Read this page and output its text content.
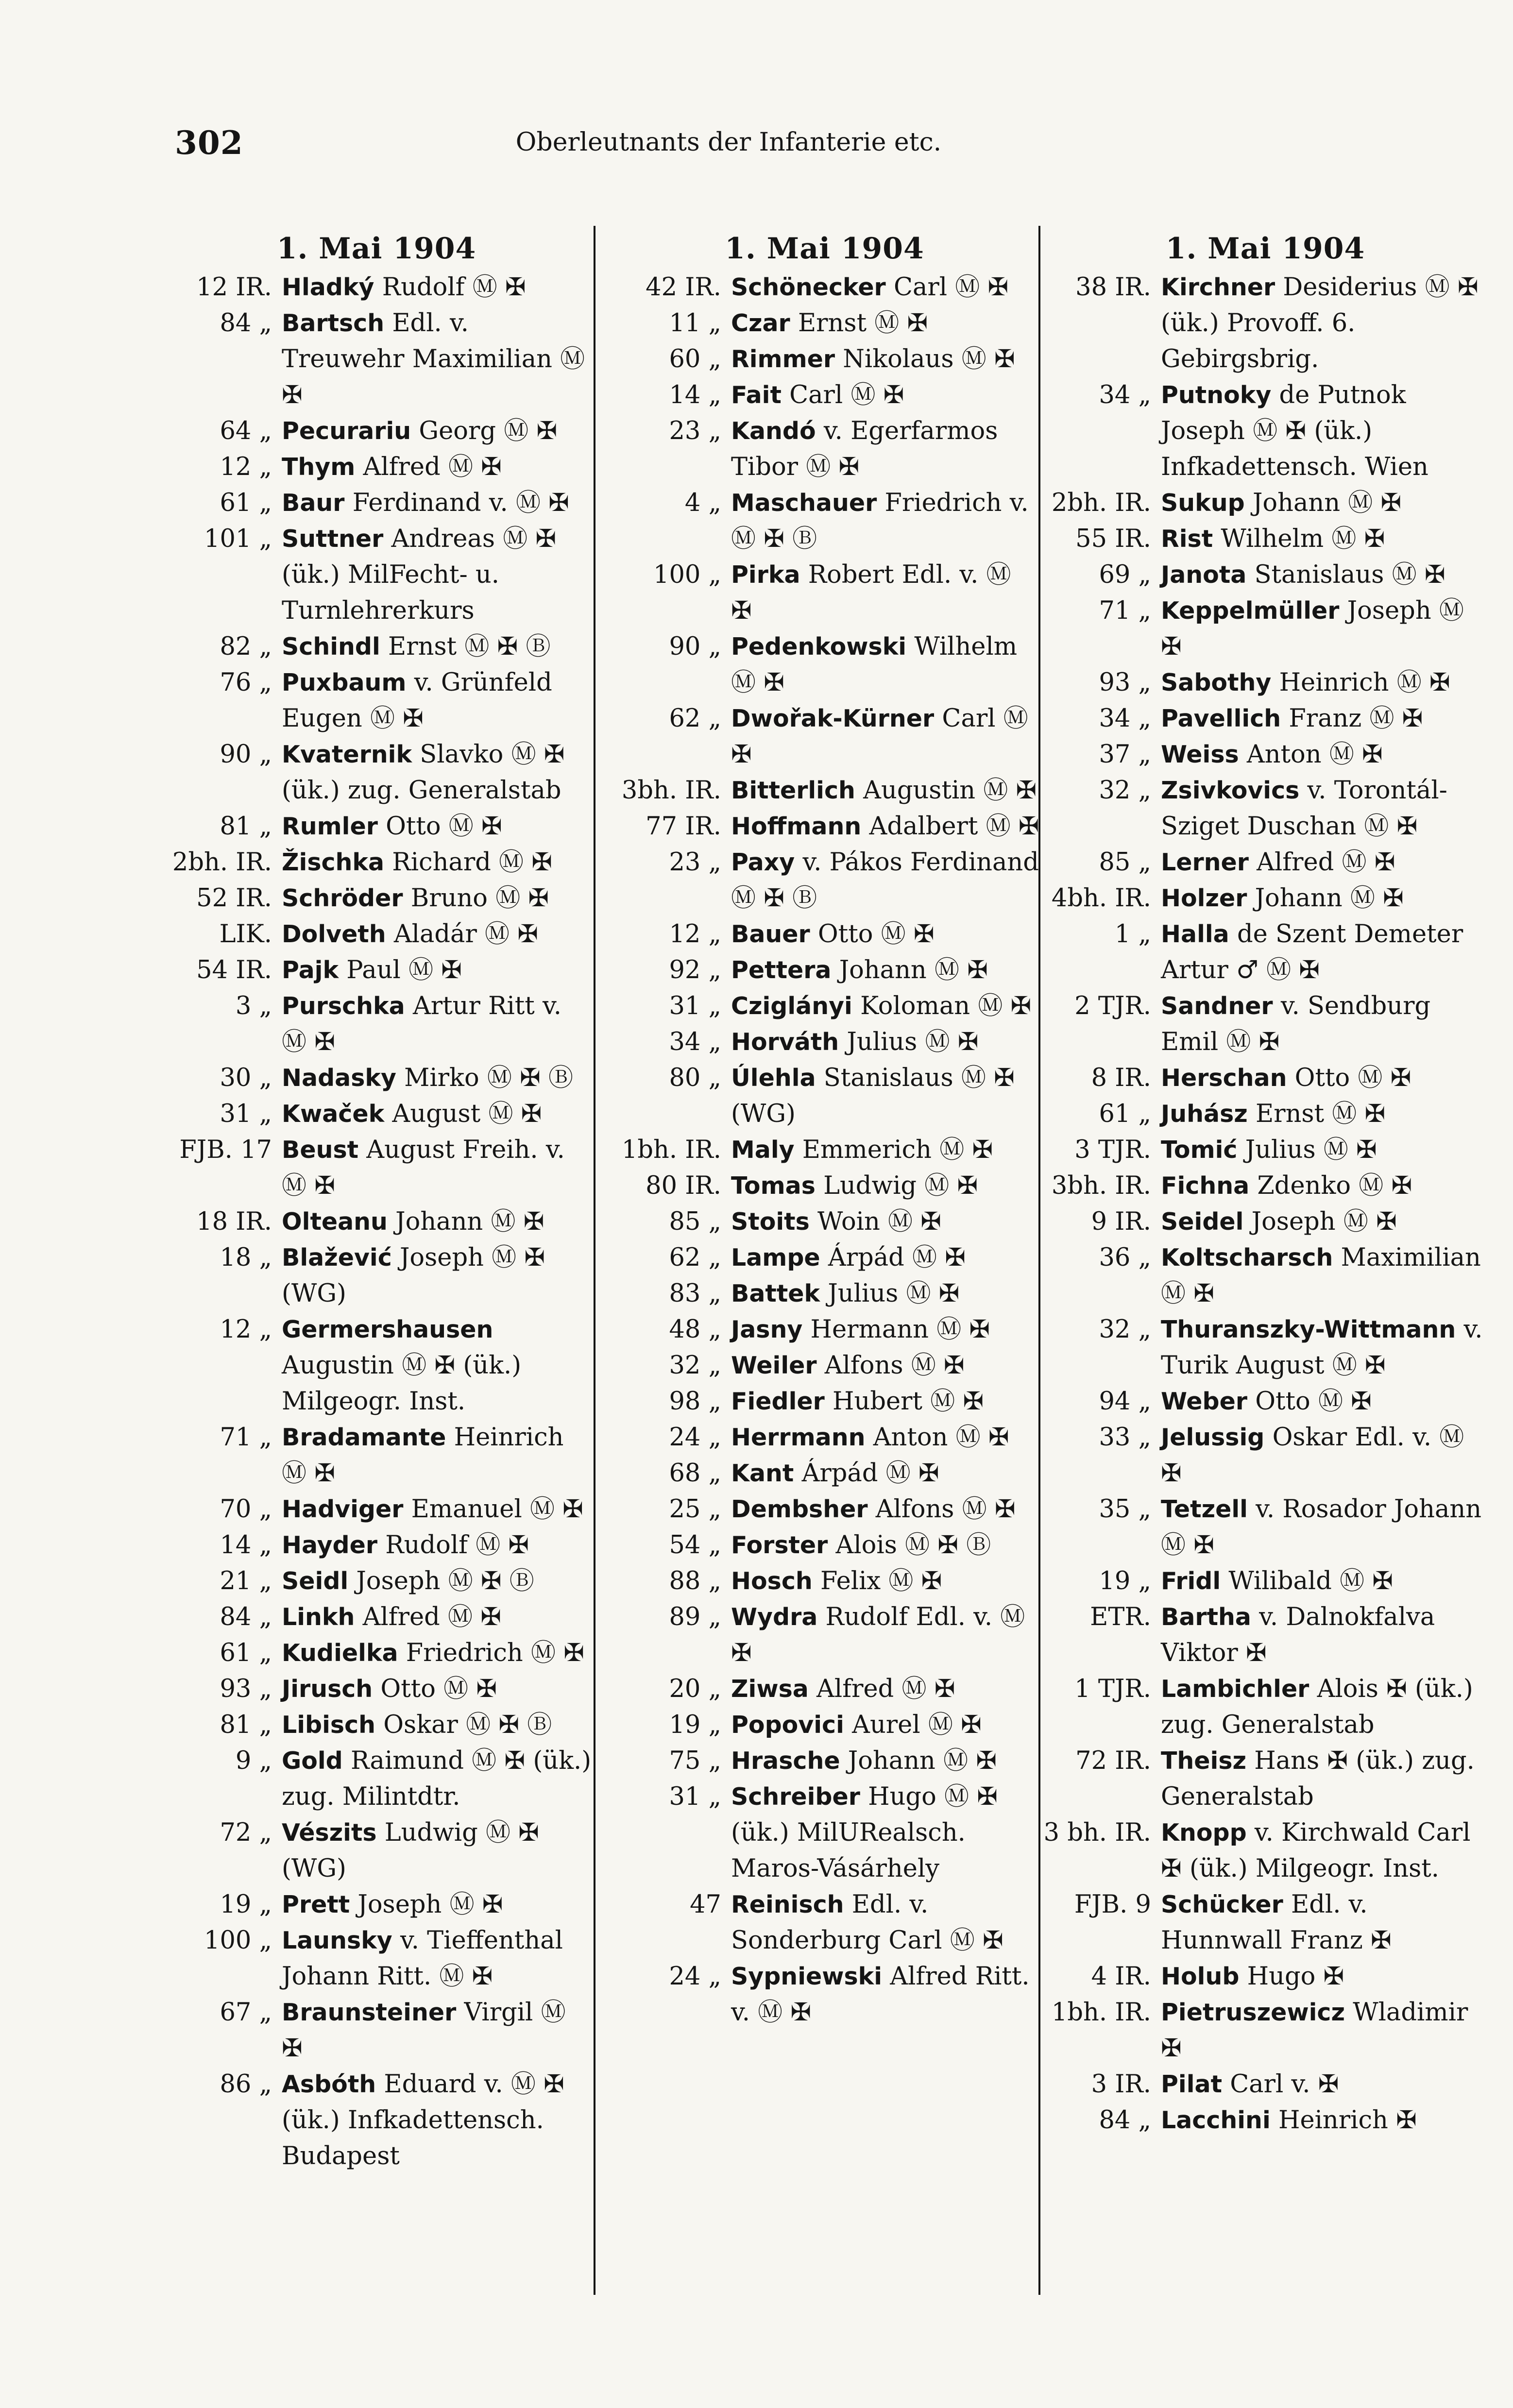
302	Oberleutnants der Infanterie etc.
1. Mai 1904
12 IR. Hladký Rudolf Ⓜ ✠
84 „ Bartsch Edl. v. Treuwehr Maximilian Ⓜ ✠
64 „ Pecurariu Georg Ⓜ ✠
12 „ Thym Alfred Ⓜ ✠
61 „ Baur Ferdinand v. Ⓜ ✠
101 „ Suttner Andreas Ⓜ ✠ (ük.) MilFecht- u. Turnlehrerkurs
82 „ Schindl Ernst Ⓜ ✠ Ⓑ
76 „ Puxbaum v. Grünfeld Eugen Ⓜ ✠
90 „ Kvaternik Slavko Ⓜ ✠ (ük.) zug. Generalstab
81 „ Rumler Otto Ⓜ ✠
2bh. IR. Žischka Richard Ⓜ ✠
52 IR. Schröder Bruno Ⓜ ✠
LIK. Dolveth Aladár Ⓜ ✠
54 IR. Pajk Paul Ⓜ ✠
3 „ Purschka Artur Ritt v. Ⓜ ✠
30 „ Nadasky Mirko Ⓜ ✠ Ⓑ
31 „ Kwaček August Ⓜ ✠
FJB. 17 Beust August Freih. v. Ⓜ ✠
18 IR. Olteanu Johann Ⓜ ✠
18 „ Blažević Joseph Ⓜ ✠ (WG)
12 „ Germershausen Augustin Ⓜ ✠ (ük.) Milgeogr. Inst.
71 „ Bradamante Heinrich Ⓜ ✠
70 „ Hadviger Emanuel Ⓜ ✠
14 „ Hayder Rudolf Ⓜ ✠
21 „ Seidl Joseph Ⓜ ✠ Ⓑ
84 „ Linkh Alfred Ⓜ ✠
61 „ Kudielka Friedrich Ⓜ ✠
93 „ Jirusch Otto Ⓜ ✠
81 „ Libisch Oskar Ⓜ ✠ Ⓑ
9 „ Gold Raimund Ⓜ ✠ (ük.) zug. Milintdtr.
72 „ Vészits Ludwig Ⓜ ✠ (WG)
19 „ Prett Joseph Ⓜ ✠
100 „ Launsky v. Tieffenthal Johann Ritt. Ⓜ ✠
67 „ Braunsteiner Virgil Ⓜ ✠
86 „ Asbóth Eduard v. Ⓜ ✠ (ük.) Infkadettensch. Budapest
1. Mai 1904
42 IR. Schönecker Carl Ⓜ ✠
11 „ Czar Ernst Ⓜ ✠
60 „ Rimmer Nikolaus Ⓜ ✠
14 „ Fait Carl Ⓜ ✠
23 „ Kandó v. Egerfarmos Tibor Ⓜ ✠
4 „ Maschauer Friedrich v. Ⓜ ✠ Ⓑ
100 „ Pirka Robert Edl. v. Ⓜ ✠
90 „ Pedenkowski Wilhelm Ⓜ ✠
62 „ Dwořak-Kürner Carl Ⓜ ✠
3bh. IR. Bitterlich Augustin Ⓜ ✠
77 IR. Hoffmann Adalbert Ⓜ ✠
23 „ Paxy v. Pákos Ferdinand Ⓜ ✠ Ⓑ
12 „ Bauer Otto Ⓜ ✠
92 „ Pettera Johann Ⓜ ✠
31 „ Cziglányi Koloman Ⓜ ✠
34 „ Horváth Julius Ⓜ ✠
80 „ Úlehla Stanislaus Ⓜ ✠ (WG)
1bh. IR. Maly Emmerich Ⓜ ✠
80 IR. Tomas Ludwig Ⓜ ✠
85 „ Stoits Woin Ⓜ ✠
62 „ Lampe Árpád Ⓜ ✠
83 „ Battek Julius Ⓜ ✠
48 „ Jasny Hermann Ⓜ ✠
32 „ Weiler Alfons Ⓜ ✠
98 „ Fiedler Hubert Ⓜ ✠
24 „ Herrmann Anton Ⓜ ✠
68 „ Kant Árpád Ⓜ ✠
25 „ Dembsher Alfons Ⓜ ✠
54 „ Forster Alois Ⓜ ✠ Ⓑ
88 „ Hosch Felix Ⓜ ✠
89 „ Wydra Rudolf Edl. v. Ⓜ ✠
20 „ Ziwsa Alfred Ⓜ ✠
19 „ Popovici Aurel Ⓜ ✠
75 „ Hrasche Johann Ⓜ ✠
31 „ Schreiber Hugo Ⓜ ✠ (ük.) MilURealsch. Maros-Vásárhely
47 Reinisch Edl. v. Sonderburg Carl Ⓜ ✠
24 „ Sypniewski Alfred Ritt. v. Ⓜ ✠
1. Mai 1904
38 IR. Kirchner Desiderius Ⓜ ✠ (ük.) Provoff. 6. Gebirgsbrig.
34 „ Putnoky de Putnok Joseph Ⓜ ✠ (ük.) Infkadettensch. Wien
2bh. IR. Sukup Johann Ⓜ ✠
55 IR. Rist Wilhelm Ⓜ ✠
69 „ Janota Stanislaus Ⓜ ✠
71 „ Keppelmüller Joseph Ⓜ ✠
93 „ Sabothy Heinrich Ⓜ ✠
34 „ Pavellich Franz Ⓜ ✠
37 „ Weiss Anton Ⓜ ✠
32 „ Zsivkovics v. Torontál-Sziget Duschan Ⓜ ✠
85 „ Lerner Alfred Ⓜ ✠
4bh. IR. Holzer Johann Ⓜ ✠
1 „ Halla de Szent Demeter Artur ♂ Ⓜ ✠
2 TJR. Sandner v. Sendburg Emil Ⓜ ✠
8 IR. Herschan Otto Ⓜ ✠
61 „ Juhász Ernst Ⓜ ✠
3 TJR. Tomić Julius Ⓜ ✠
3bh. IR. Fichna Zdenko Ⓜ ✠
9 IR. Seidel Joseph Ⓜ ✠
36 „ Koltscharsch Maximilian Ⓜ ✠
32 „ Thuranszky-Wittmann v. Turik August Ⓜ ✠
94 „ Weber Otto Ⓜ ✠
33 „ Jelussig Oskar Edl. v. Ⓜ ✠
35 „ Tetzell v. Rosador Johann Ⓜ ✠
19 „ Fridl Wilibald Ⓜ ✠
ETR. Bartha v. Dalnokfalva Viktor ✠
1 TJR. Lambichler Alois ✠ (ük.) zug. Generalstab
72 IR. Theisz Hans ✠ (ük.) zug. Generalstab
3 bh. IR. Knopp v. Kirchwald Carl ✠ (ük.) Milgeogr. Inst.
FJB. 9 Schücker Edl. v. Hunnwall Franz ✠
4 IR. Holub Hugo ✠
1bh. IR. Pietruszewicz Wladimir ✠
3 IR. Pilat Carl v. ✠
84 „ Lacchini Heinrich ✠
